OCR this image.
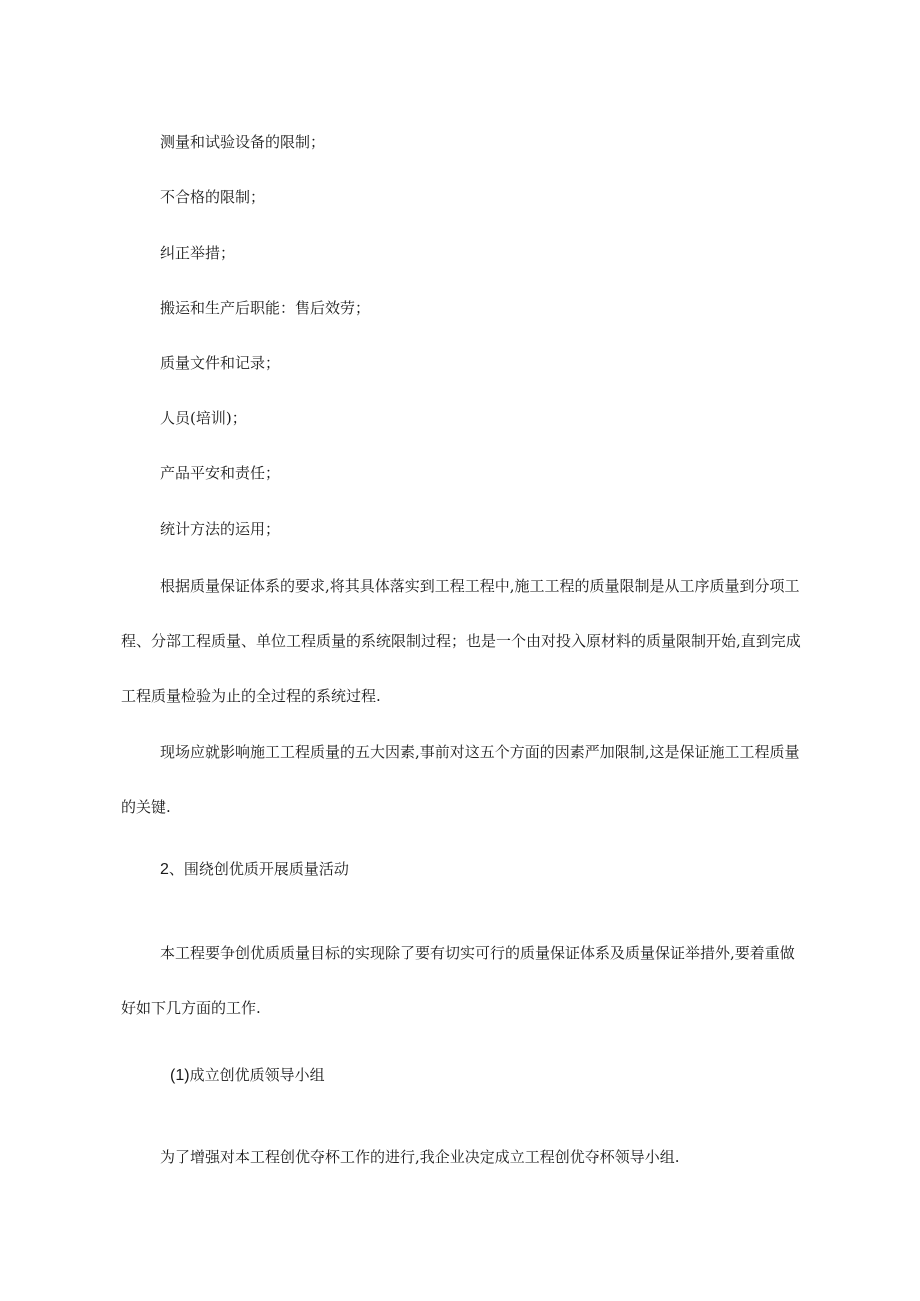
测量和试验设备的限制；
不合格的限制；
纠正举措；
搬运和生产后职能：售后效劳；
质量文件和记录；
人员(培训)；
产品平安和责任；
统计方法的运用；
根据质量保证体系的要求,将其具体落实到工程工程中,施工工程的质量限制是从工序质量到分项工
程、分部工程质量、单位工程质量的系统限制过程；也是一个由对投入原材料的质量限制开始,直到完成
工程质量检验为止的全过程的系统过程.
现场应就影响施工工程质量的五大因素,事前对这五个方面的因素严加限制,这是保证施工工程质量
的关键.
2、围绕创优质开展质量活动
本工程要争创优质质量目标的实现除了要有切实可行的质量保证体系及质量保证举措外,要着重做
好如下几方面的工作.
(1)成立创优质领导小组
为了增强对本工程创优夺杯工作的进行,我企业决定成立工程创优夺杯领导小组.
